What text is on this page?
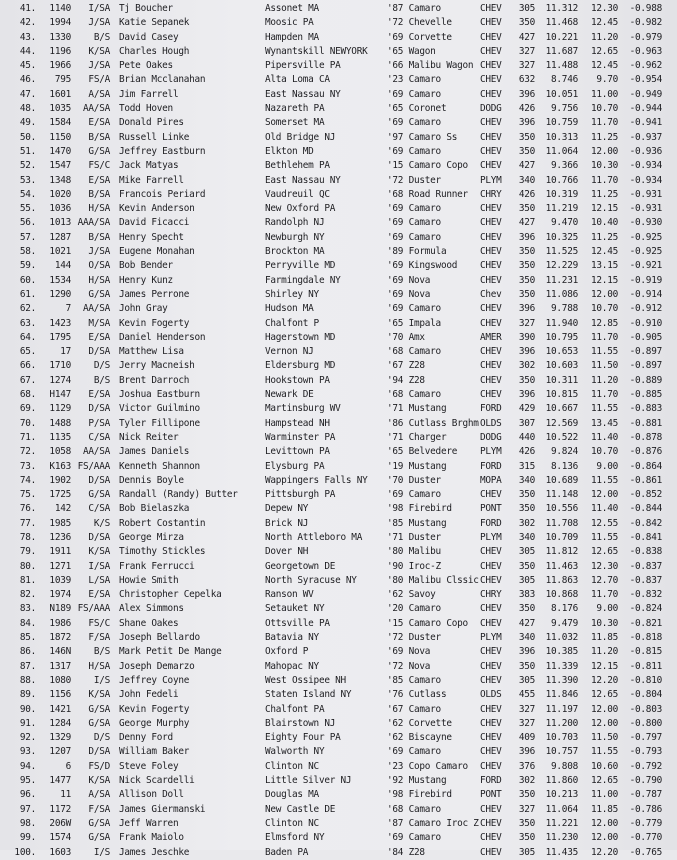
41.	1140	I/SA Tj Boucher	Assonet MA	'87 Camaro	CHEV	305	11.312	12.30	-0.988
42.	1994	J/SA Katie Sepanek	Moosic PA	'72 Chevelle	CHEV	350	11.468	12.45	-0.982
43.	1330	B/S David Casey	Hampden MA	'69 Corvette	CHEV	427	10.221	11.20	-0.979
44.	1196	K/SA Charles Hough	Wynantskill NEWYORK '65 Wagon	CHEV	327	11.687	12.65	-0.963
45.	1966	J/SA Pete Oakes	Pipersville PA	'66 Malibu Wagon CHEV	327	11.488	12.45	-0.962
46.	795	FS/A Brian Mcclanahan	Alta Loma CA	'23 Camaro	CHEV	632	8.746	9.70	-0.954
47.	1601	A/SA Jim Farrell	East Nassau NY	'69 Camaro	CHEV	396	10.051	11.00	-0.949
48.	1035	AA/SA Todd Hoven	Nazareth PA	'65 Coronet	DODG	426	9.756	10.70	-0.944
49.	1584	E/SA Donald Pires	Somerset MA	'69 Camaro	CHEV	396	10.759	11.70	-0.941
50.	1150	B/SA Russell Linke	Old Bridge NJ	'97 Camaro Ss CHEV	350	10.313	11.25	-0.937
51.	1470	G/SA Jeffrey Eastburn	Elkton MD	'69 Camaro	CHEV	350	11.064	12.00	-0.936
52.	1547	FS/C Jack Matyas	Bethlehem PA	'15 Camaro Copo CHEV	427	9.366	10.30	-0.934
53.	1348	E/SA Mike Farrell	East Nassau NY	'72 Duster	PLYM	340	10.766	11.70	-0.934
54.	1020	B/SA Francois Periard	Vaudreuil QC	'68 Road Runner CHRY	426	10.319	11.25	-0.931
55.	1036	H/SA Kevin Anderson	New Oxford PA	'69 Camaro	CHEV	350	11.219	12.15	-0.931
56.	1013 AAA/SA David Ficacci	Randolph NJ	'69 Camaro	CHEV	427	9.470	10.40	-0.930
57.	1287	B/SA Henry Specht	Newburgh NY	'69 Camaro	CHEV	396	10.325	11.25	-0.925
58.	1021	J/SA Eugene Monahan	Brockton MA	'89 Formula	CHEV	350	11.525	12.45	-0.925
59.	144	O/SA Bob Bender	Perryville MD	'69 Kingswood CHEV	350	12.229	13.15	-0.921
60.	1534	H/SA Henry Kunz	Farmingdale NY	'69 Nova	CHEV	350	11.231	12.15	-0.919
61.	1290	G/SA James Perrone	Shirley NY	'69 Nova	Chev	350	11.086	12.00	-0.914
62.	7	AA/SA John Gray	Hudson MA	'69 Camaro	CHEV	396	9.788	10.70	-0.912
63.	1423	M/SA Kevin Fogerty	Chalfont P	'65 Impala	CHEV	327	11.940	12.85	-0.910
64.	1795	E/SA Daniel Henderson	Hagerstown MD	'70 Amx	AMER	390	10.795	11.70	-0.905
65.	17	D/SA Matthew Lisa	Vernon NJ	'68 Camaro	CHEV	396	10.653	11.55	-0.897
66.	1710	D/S Jerry Macneish	Eldersburg MD	'67 Z28	CHEV	302	10.603	11.50	-0.897
67.	1274	B/S Brent Darroch	Hookstown PA	'94 Z28	CHEV	350	10.311	11.20	-0.889
68.	H147	E/SA Joshua Eastburn	Newark DE	'68 Camaro	CHEV	396	10.815	11.70	-0.885
69.	1129	D/SA Victor Guilmino	Martinsburg WV	'71 Mustang	FORD	429	10.667	11.55	-0.883
70.	1488	P/SA Tyler Fillipone	Hampstead NH	'86 Cutlass Brghm OLDS	307	12.569	13.45	-0.881
71.	1135	C/SA Nick Reiter	Warminster PA	'71 Charger	DODG	440	10.522	11.40	-0.878
72.	1058	AA/SA James Daniels	Levittown PA	'65 Belvedere PLYM	426	9.824	10.70	-0.876
73.	K163 FS/AAA Kenneth Shannon	Elysburg PA	'19 Mustang	FORD	315	8.136	9.00	-0.864
74.	1902	D/SA Dennis Boyle	Wappingers Falls NY '70 Duster	MOPA	340	10.689	11.55	-0.861
75.	1725	G/SA Randall (Randy) Butter	Pittsburgh PA	'69 Camaro	CHEV	350	11.148	12.00	-0.852
76.	142	C/SA Bob Bielaszka	Depew NY	'98 Firebird	PONT	350	10.556	11.40	-0.844
77.	1985	K/S Robert Costantin	Brick NJ	'85 Mustang	FORD	302	11.708	12.55	-0.842
78.	1236	D/SA George Mirza	North Attleboro MA	'71 Duster	PLYM	340	10.709	11.55	-0.841
79.	1911	K/SA Timothy Stickles	Dover NH	'80 Malibu	CHEV	305	11.812	12.65	-0.838
80.	1271	I/SA Frank Ferrucci	Georgetown DE	'90 Iroc-Z	CHEV	350	11.463	12.30	-0.837
81.	1039	L/SA Howie Smith	North Syracuse NY	'80 Malibu Clssic CHEV	305	11.863	12.70	-0.837
82.	1974	E/SA Christopher Cepelka	Ranson WV	'62 Savoy	CHRY	383	10.868	11.70	-0.832
83.	N189 FS/AAA Alex Simmons	Setauket NY	'20 Camaro	CHEV	350	8.176	9.00	-0.824
84.	1986	FS/C Shane Oakes	Ottsville PA	'15 Camaro Copo CHEV	427	9.479	10.30	-0.821
85.	1872	F/SA Joseph Bellardo	Batavia NY	'72 Duster	PLYM	340	11.032	11.85	-0.818
86.	146N	B/S Mark Petit De Mange	Oxford P	'69 Nova	CHEV	396	10.385	11.20	-0.815
87.	1317	H/SA Joseph Demarzo	Mahopac NY	'72 Nova	CHEV	350	11.339	12.15	-0.811
88.	1080	I/S Jeffrey Coyne	West Ossipee NH	'85 Camaro	CHEV	305	11.390	12.20	-0.810
89.	1156	K/SA John Fedeli	Staten Island NY	'76 Cutlass	OLDS	455	11.846	12.65	-0.804
90.	1421	G/SA Kevin Fogerty	Chalfont PA	'67 Camaro	CHEV	327	11.197	12.00	-0.803
91.	1284	G/SA George Murphy	Blairstown NJ	'62 Corvette	CHEV	327	11.200	12.00	-0.800
92.	1329	D/S Denny Ford	Eighty Four PA	'62 Biscayne	CHEV	409	10.703	11.50	-0.797
93.	1207	D/SA William Baker	Walworth NY	'69 Camaro	CHEV	396	10.757	11.55	-0.793
94.	6	FS/D Steve Foley	Clinton NC	'23 Copo Camaro CHEV	376	9.808	10.60	-0.792
95.	1477	K/SA Nick Scardelli	Little Silver NJ	'92 Mustang	FORD	302	11.860	12.65	-0.790
96.	11	A/SA Allison Doll	Douglas MA	'98 Firebird	PONT	350	10.213	11.00	-0.787
97.	1172	F/SA James Giermanski	New Castle DE	'68 Camaro	CHEV	327	11.064	11.85	-0.786
98.	206W	G/SA Jeff Warren	Clinton NC	'87 Camaro Iroc Z CHEV	350	11.221	12.00	-0.779
99.	1574	G/SA Frank Maiolo	Elmsford NY	'69 Camaro	CHEV	350	11.230	12.00	-0.770
100.	1603	I/S James Jeschke	Baden PA	'84 Z28	CHEV	305	11.435	12.20	-0.765
